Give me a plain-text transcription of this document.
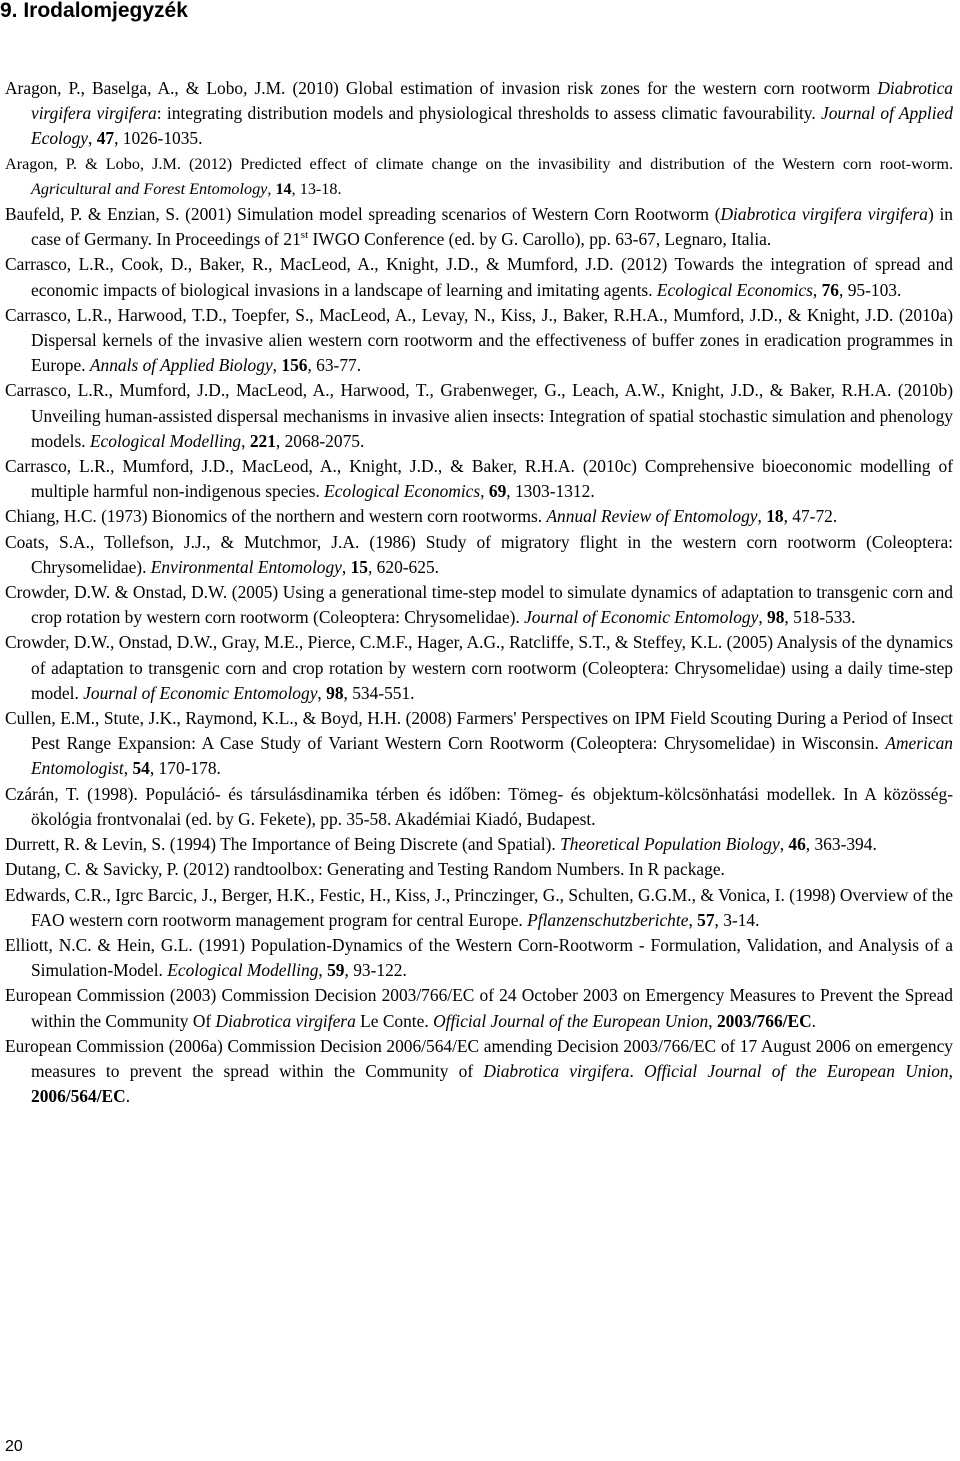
9. Irodalomjegyzék

Aragon, P., Baselga, A., & Lobo, J.M. (2010) Global estimation of invasion risk zones for the western corn rootworm Diabrotica virgifera virgifera: integrating distribution models and physiological thresholds to assess climatic favourability. Journal of Applied Ecology, 47, 1026-1035.

Aragon, P. & Lobo, J.M. (2012) Predicted effect of climate change on the invasibility and distribution of the Western corn root-worm. Agricultural and Forest Entomology, 14, 13-18.

Baufeld, P. & Enzian, S. (2001) Simulation model spreading scenarios of Western Corn Rootworm (Diabrotica virgifera virgifera) in case of Germany. In Proceedings of 21st IWGO Conference (ed. by G. Carollo), pp. 63-67, Legnaro, Italia.

Carrasco, L.R., Cook, D., Baker, R., MacLeod, A., Knight, J.D., & Mumford, J.D. (2012) Towards the integration of spread and economic impacts of biological invasions in a landscape of learning and imitating agents. Ecological Economics, 76, 95-103.

Carrasco, L.R., Harwood, T.D., Toepfer, S., MacLeod, A., Levay, N., Kiss, J., Baker, R.H.A., Mumford, J.D., & Knight, J.D. (2010a) Dispersal kernels of the invasive alien western corn rootworm and the effectiveness of buffer zones in eradication programmes in Europe. Annals of Applied Biology, 156, 63-77.

Carrasco, L.R., Mumford, J.D., MacLeod, A., Harwood, T., Grabenweger, G., Leach, A.W., Knight, J.D., & Baker, R.H.A. (2010b) Unveiling human-assisted dispersal mechanisms in invasive alien insects: Integration of spatial stochastic simulation and phenology models. Ecological Modelling, 221, 2068-2075.

Carrasco, L.R., Mumford, J.D., MacLeod, A., Knight, J.D., & Baker, R.H.A. (2010c) Comprehensive bioeconomic modelling of multiple harmful non-indigenous species. Ecological Economics, 69, 1303-1312.

Chiang, H.C. (1973) Bionomics of the northern and western corn rootworms. Annual Review of Entomology, 18, 47-72.

Coats, S.A., Tollefson, J.J., & Mutchmor, J.A. (1986) Study of migratory flight in the western corn rootworm (Coleoptera: Chrysomelidae). Environmental Entomology, 15, 620-625.

Crowder, D.W. & Onstad, D.W. (2005) Using a generational time-step model to simulate dynamics of adaptation to transgenic corn and crop rotation by western corn rootworm (Coleoptera: Chrysomelidae). Journal of Economic Entomology, 98, 518-533.

Crowder, D.W., Onstad, D.W., Gray, M.E., Pierce, C.M.F., Hager, A.G., Ratcliffe, S.T., & Steffey, K.L. (2005) Analysis of the dynamics of adaptation to transgenic corn and crop rotation by western corn rootworm (Coleoptera: Chrysomelidae) using a daily time-step model. Journal of Economic Entomology, 98, 534-551.

Cullen, E.M., Stute, J.K., Raymond, K.L., & Boyd, H.H. (2008) Farmers' Perspectives on IPM Field Scouting During a Period of Insect Pest Range Expansion: A Case Study of Variant Western Corn Rootworm (Coleoptera: Chrysomelidae) in Wisconsin. American Entomologist, 54, 170-178.

Czárán, T. (1998). Populáció- és társulásdinamika térben és időben: Tömeg- és objektum-kölcsönhatási modellek. In A közösség-ökológia frontvonalai (ed. by G. Fekete), pp. 35-58. Akadémiai Kiadó, Budapest.

Durrett, R. & Levin, S. (1994) The Importance of Being Discrete (and Spatial). Theoretical Population Biology, 46, 363-394.

Dutang, C. & Savicky, P. (2012) randtoolbox: Generating and Testing Random Numbers. In R package.

Edwards, C.R., Igrc Barcic, J., Berger, H.K., Festic, H., Kiss, J., Princzinger, G., Schulten, G.G.M., & Vonica, I. (1998) Overview of the FAO western corn rootworm management program for central Europe. Pflanzenschutzberichte, 57, 3-14.

Elliott, N.C. & Hein, G.L. (1991) Population-Dynamics of the Western Corn-Rootworm - Formulation, Validation, and Analysis of a Simulation-Model. Ecological Modelling, 59, 93-122.

European Commission (2003) Commission Decision 2003/766/EC of 24 October 2003 on Emergency Measures to Prevent the Spread within the Community Of Diabrotica virgifera Le Conte. Official Journal of the European Union, 2003/766/EC.

European Commission (2006a) Commission Decision 2006/564/EC amending Decision 2003/766/EC of 17 August 2006 on emergency measures to prevent the spread within the Community of Diabrotica virgifera. Official Journal of the European Union, 2006/564/EC.

20
